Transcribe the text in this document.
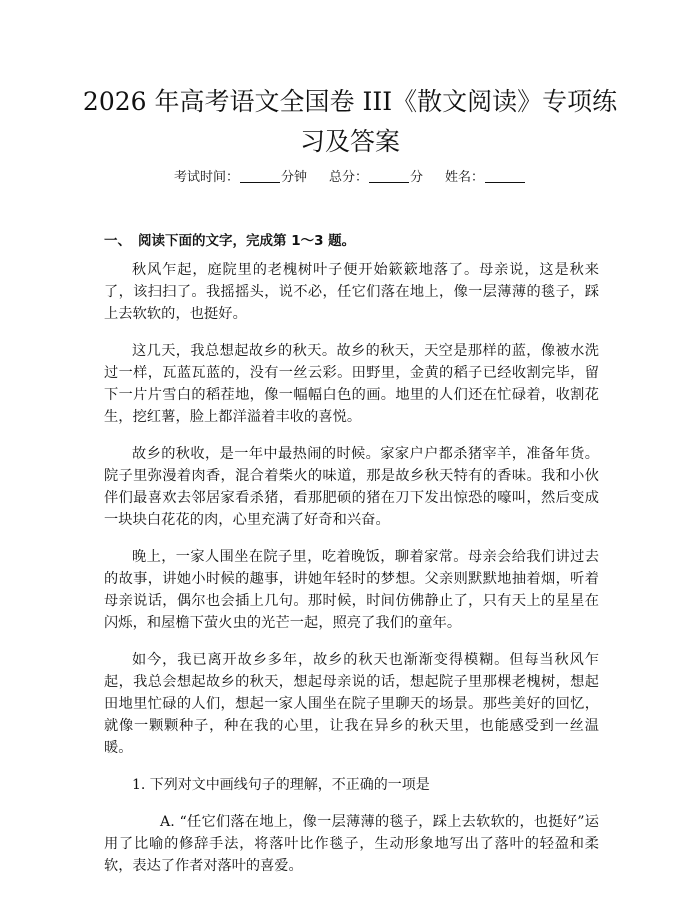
2026 年高考语文全国卷 III《散文阅读》专项练习及答案
考试时间：	分钟 总分：	分 姓名：
一、 阅读下面的文字，完成第 1～3 题。

秋风乍起，庭院里的老槐树叶子便开始簌簌地落了。母亲说，这是秋来了，该扫扫了。我摇摇头，说不必，任它们落在地上，像一层薄薄的毯子，踩上去软软的，也挺好。

这几天，我总想起故乡的秋天。故乡的秋天，天空是那样的蓝，像被水洗过一样，瓦蓝瓦蓝的，没有一丝云彩。田野里，金黄的稻子已经收割完毕，留下一片片雪白的稻茬地，像一幅幅白色的画。地里的人们还在忙碌着，收割花生，挖红薯，脸上都洋溢着丰收的喜悦。

故乡的秋收，是一年中最热闹的时候。家家户户都杀猪宰羊，准备年货。院子里弥漫着肉香，混合着柴火的味道，那是故乡秋天特有的香味。我和小伙伴们最喜欢去邻居家看杀猪，看那肥硕的猪在刀下发出惊恐的嚎叫，然后变成一块块白花花的肉，心里充满了好奇和兴奋。

晚上，一家人围坐在院子里，吃着晚饭，聊着家常。母亲会给我们讲过去的故事，讲她小时候的趣事，讲她年轻时的梦想。父亲则默默地抽着烟，听着母亲说话，偶尔也会插上几句。那时候，时间仿佛静止了，只有天上的星星在闪烁，和屋檐下萤火虫的光芒一起，照亮了我们的童年。

如今，我已离开故乡多年，故乡的秋天也渐渐变得模糊。但每当秋风乍起，我总会想起故乡的秋天，想起母亲说的话，想起院子里那棵老槐树，想起田地里忙碌的人们，想起一家人围坐在院子里聊天的场景。那些美好的回忆，就像一颗颗种子，种在我的心里，让我在异乡的秋天里，也能感受到一丝温暖。

1. 下列对文中画线句子的理解，不正确的一项是

A. “任它们落在地上，像一层薄薄的毯子，踩上去软软的，也挺好”运用了比喻的修辞手法，将落叶比作毯子，生动形象地写出了落叶的轻盈和柔软，表达了作者对落叶的喜爱。
